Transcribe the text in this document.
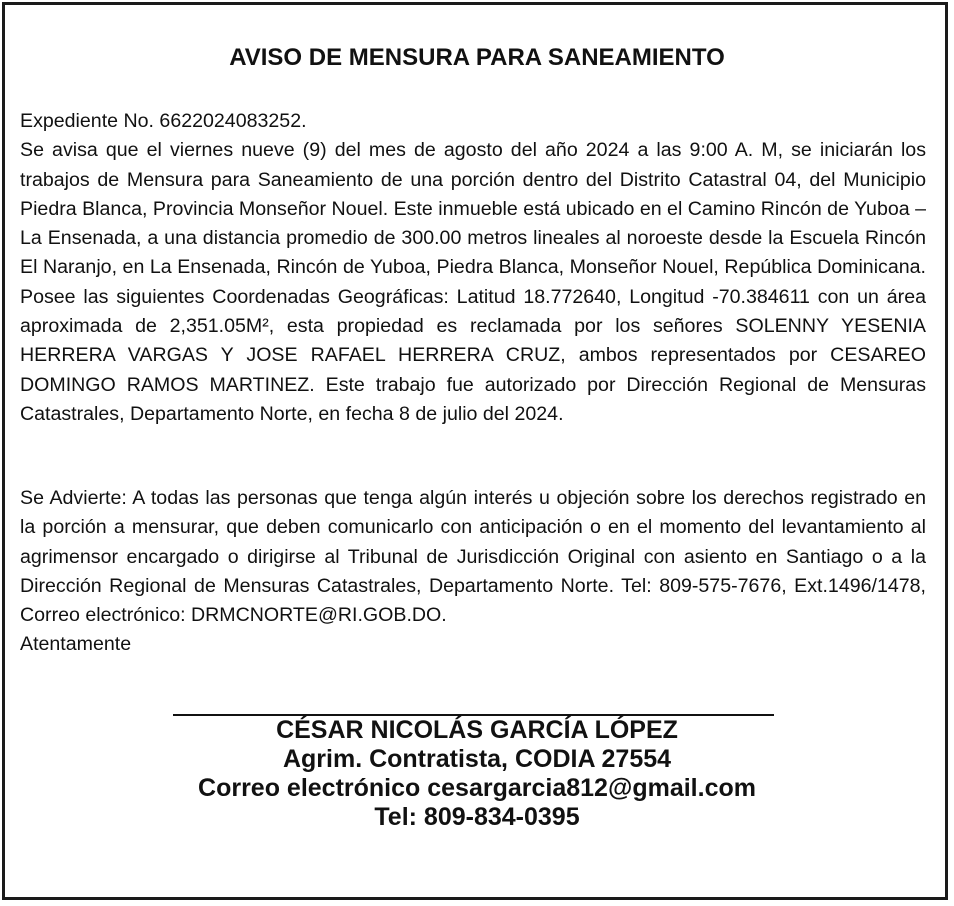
AVISO DE MENSURA PARA SANEAMIENTO
Expediente No. 6622024083252.
Se avisa que el viernes nueve (9) del mes de agosto del año 2024 a las 9:00 A. M, se iniciarán los trabajos de Mensura para Saneamiento de una porción dentro del Distrito Catastral 04, del Municipio Piedra Blanca, Provincia Monseñor Nouel. Este inmueble está ubicado en el Camino Rincón de Yuboa – La Ensenada, a una distancia promedio de 300.00 metros lineales al noroeste desde la Escuela Rincón El Naranjo, en La Ensenada, Rincón de Yuboa, Piedra Blanca, Monseñor Nouel, República Dominicana. Posee las siguientes Coordenadas Geográficas: Latitud 18.772640, Longitud -70.384611 con un área aproximada de 2,351.05M², esta propiedad es reclamada por los señores SOLENNY YESENIA HERRERA VARGAS Y JOSE RAFAEL HERRERA CRUZ, ambos representados por CESAREO DOMINGO RAMOS MARTINEZ. Este trabajo fue autorizado por Dirección Regional de Mensuras Catastrales, Departamento Norte, en fecha 8 de julio del 2024.
Se Advierte: A todas las personas que tenga algún interés u objeción sobre los derechos registrado en la porción a mensurar, que deben comunicarlo con anticipación o en el momento del levantamiento al agrimensor encargado o dirigirse al Tribunal de Jurisdicción Original con asiento en Santiago o a la Dirección Regional de Mensuras Catastrales, Departamento Norte. Tel: 809-575-7676, Ext.1496/1478, Correo electrónico: DRMCNORTE@RI.GOB.DO.
Atentamente
CÉSAR NICOLÁS GARCÍA LÓPEZ
Agrim. Contratista, CODIA 27554
Correo electrónico cesargarcia812@gmail.com
Tel: 809-834-0395
